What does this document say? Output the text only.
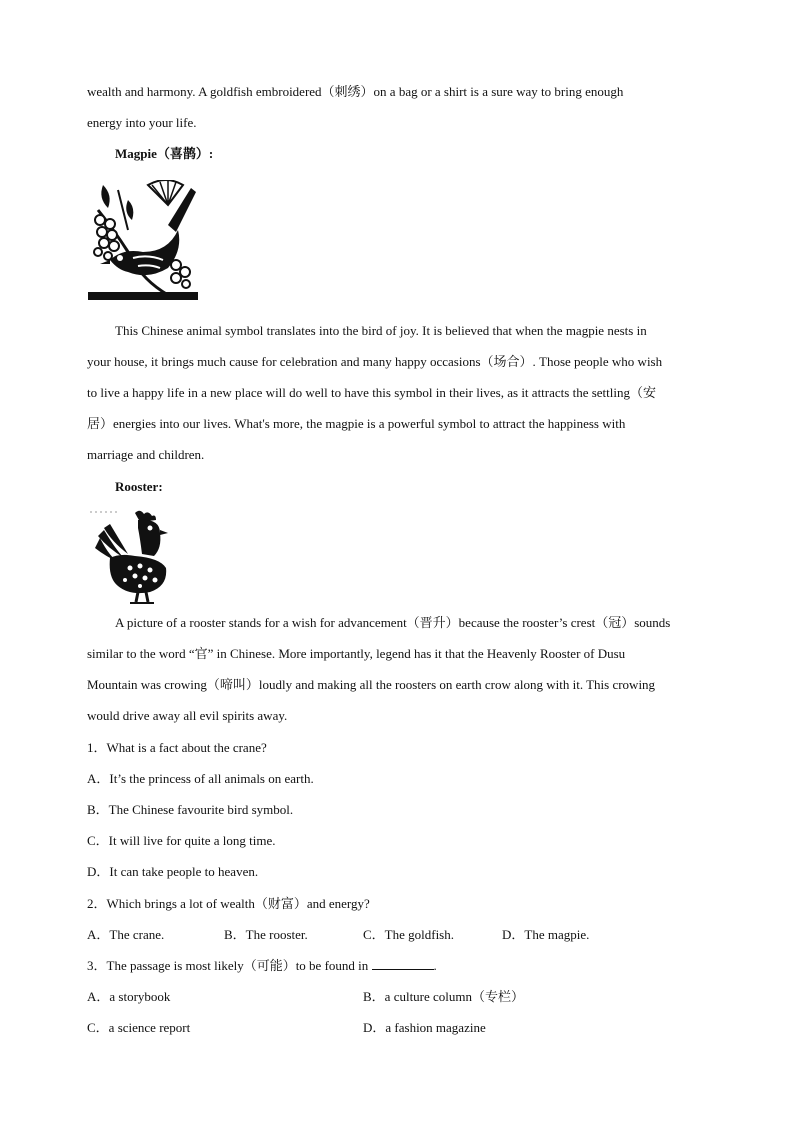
wealth and harmony. A goldfish embroidered（刺绣）on a bag or a shirt is a sure way to bring enough
energy into your life.
Magpie（喜鹊）:
This Chinese animal symbol translates into the bird of joy. It is believed that when the magpie nests in
your house, it brings much cause for celebration and many happy occasions（场合）. Those people who wish
to live a happy life in a new place will do well to have this symbol in their lives, as it attracts the settling（安
居）energies into our lives. What's more, the magpie is a powerful symbol to attract the happiness with
marriage and children.
Rooster:
A picture of a rooster stands for a wish for advancement（晋升）because the rooster’s crest（冠）sounds
similar to the word “官” in Chinese. More importantly, legend has it that the Heavenly Rooster of Dusu
Mountain was crowing（啼叫）loudly and making all the roosters on earth crow along with it. This crowing
would drive away all evil spirits away.
1．What is a fact about the crane?
A．It’s the princess of all animals on earth.
B．The Chinese favourite bird symbol.
C．It will live for quite a long time.
D．It can take people to heaven.
2．Which brings a lot of wealth（财富）and energy?
A．The crane.	B．The rooster.	C．The goldfish.	D．The magpie.
3．The passage is most likely（可能）to be found in	.
A．a storybook	B．a culture column（专栏）
C．a science report	D．a fashion magazine
